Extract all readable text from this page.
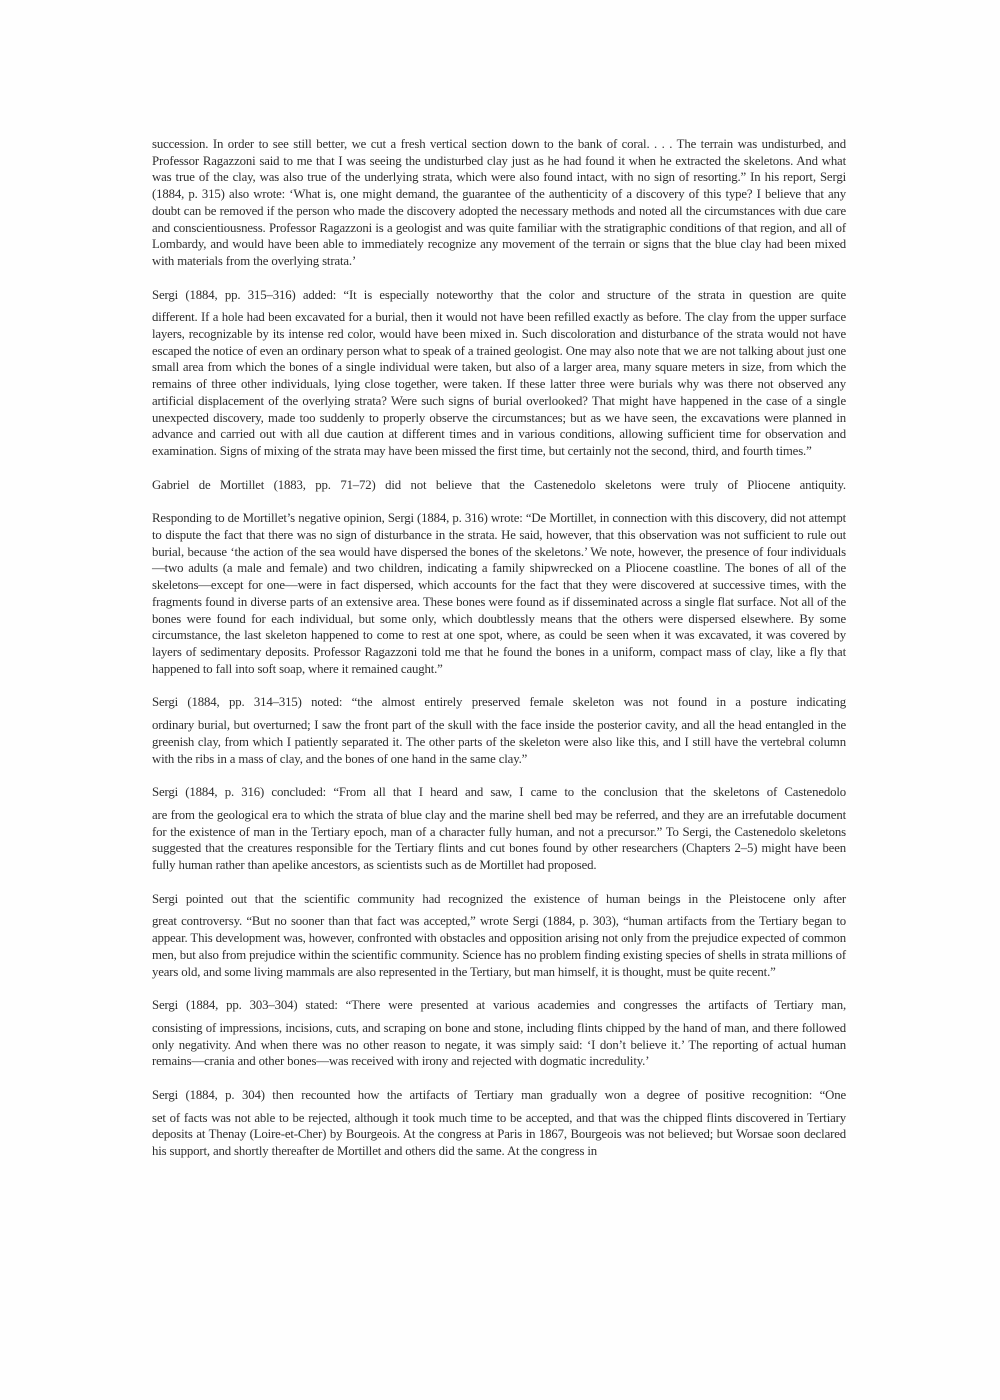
succession. In order to see still better, we cut a fresh vertical section down to the bank of coral. . . . The terrain was undisturbed, and Professor Ragazzoni said to me that I was seeing the undisturbed clay just as he had found it when he extracted the skeletons. And what was true of the clay, was also true of the underlying strata, which were also found intact, with no sign of resorting.” In his report, Sergi (1884, p. 315) also wrote: ‘What is, one might demand, the guarantee of the authenticity of a discovery of this type? I believe that any doubt can be removed if the person who made the discovery adopted the necessary methods and noted all the circumstances with due care and conscientiousness. Professor Ragazzoni is a geologist and was quite familiar with the stratigraphic conditions of that region, and all of Lombardy, and would have been able to immediately recognize any movement of the terrain or signs that the blue clay had been mixed with materials from the overlying strata.’
Sergi (1884, pp. 315–316) added: “It is especially noteworthy that the color and structure of the strata in question are quite
different. If a hole had been excavated for a burial, then it would not have been refilled exactly as before. The clay from the upper surface layers, recognizable by its intense red color, would have been mixed in. Such discoloration and disturbance of the strata would not have escaped the notice of even an ordinary person what to speak of a trained geologist. One may also note that we are not talking about just one small area from which the bones of a single individual were taken, but also of a larger area, many square meters in size, from which the remains of three other individuals, lying close together, were taken. If these latter three were burials why was there not observed any artificial displacement of the overlying strata? Were such signs of burial overlooked? That might have happened in the case of a single unexpected discovery, made too suddenly to properly observe the circumstances; but as we have seen, the excavations were planned in advance and carried out with all due caution at different times and in various conditions, allowing sufficient time for observation and examination. Signs of mixing of the strata may have been missed the first time, but certainly not the second, third, and fourth times.”
Gabriel de Mortillet (1883, pp. 71–72) did not believe that the Castenedolo skeletons were truly of Pliocene antiquity.
Responding to de Mortillet’s negative opinion, Sergi (1884, p. 316) wrote: “De Mortillet, in connection with this discovery, did not attempt to dispute the fact that there was no sign of disturbance in the strata. He said, however, that this observation was not sufficient to rule out burial, because ‘the action of the sea would have dispersed the bones of the skeletons.’ We note, however, the presence of four individuals—two adults (a male and female) and two children, indicating a family shipwrecked on a Pliocene coastline. The bones of all of the skeletons—except for one—were in fact dispersed, which accounts for the fact that they were discovered at successive times, with the fragments found in diverse parts of an extensive area. These bones were found as if disseminated across a single flat surface. Not all of the bones were found for each individual, but some only, which doubtlessly means that the others were dispersed elsewhere. By some circumstance, the last skeleton happened to come to rest at one spot, where, as could be seen when it was excavated, it was covered by layers of sedimentary deposits. Professor Ragazzoni told me that he found the bones in a uniform, compact mass of clay, like a fly that happened to fall into soft soap, where it remained caught.”
Sergi (1884, pp. 314–315) noted: “the almost entirely preserved female skeleton was not found in a posture indicating
ordinary burial, but overturned; I saw the front part of the skull with the face inside the posterior cavity, and all the head entangled in the greenish clay, from which I patiently separated it. The other parts of the skeleton were also like this, and I still have the vertebral column with the ribs in a mass of clay, and the bones of one hand in the same clay.”
Sergi (1884, p. 316) concluded: “From all that I heard and saw, I came to the conclusion that the skeletons of Castenedolo
are from the geological era to which the strata of blue clay and the marine shell bed may be referred, and they are an irrefutable document for the existence of man in the Tertiary epoch, man of a character fully human, and not a precursor.” To Sergi, the Castenedolo skeletons suggested that the creatures responsible for the Tertiary flints and cut bones found by other researchers (Chapters 2–5) might have been fully human rather than apelike ancestors, as scientists such as de Mortillet had proposed.
Sergi pointed out that the scientific community had recognized the existence of human beings in the Pleistocene only after
great controversy. “But no sooner than that fact was accepted,” wrote Sergi (1884, p. 303), “human artifacts from the Tertiary began to appear. This development was, however, confronted with obstacles and opposition arising not only from the prejudice expected of common men, but also from prejudice within the scientific community. Science has no problem finding existing species of shells in strata millions of years old, and some living mammals are also represented in the Tertiary, but man himself, it is thought, must be quite recent.”
Sergi (1884, pp. 303–304) stated: “There were presented at various academies and congresses the artifacts of Tertiary man,
consisting of impressions, incisions, cuts, and scraping on bone and stone, including flints chipped by the hand of man, and there followed only negativity. And when there was no other reason to negate, it was simply said: ‘I don’t believe it.’ The reporting of actual human remains—crania and other bones—was received with irony and rejected with dogmatic incredulity.’
Sergi (1884, p. 304) then recounted how the artifacts of Tertiary man gradually won a degree of positive recognition: “One
set of facts was not able to be rejected, although it took much time to be accepted, and that was the chipped flints discovered in Tertiary deposits at Thenay (Loire-et-Cher) by Bourgeois. At the congress at Paris in 1867, Bourgeois was not believed; but Worsae soon declared his support, and shortly thereafter de Mortillet and others did the same. At the congress in
